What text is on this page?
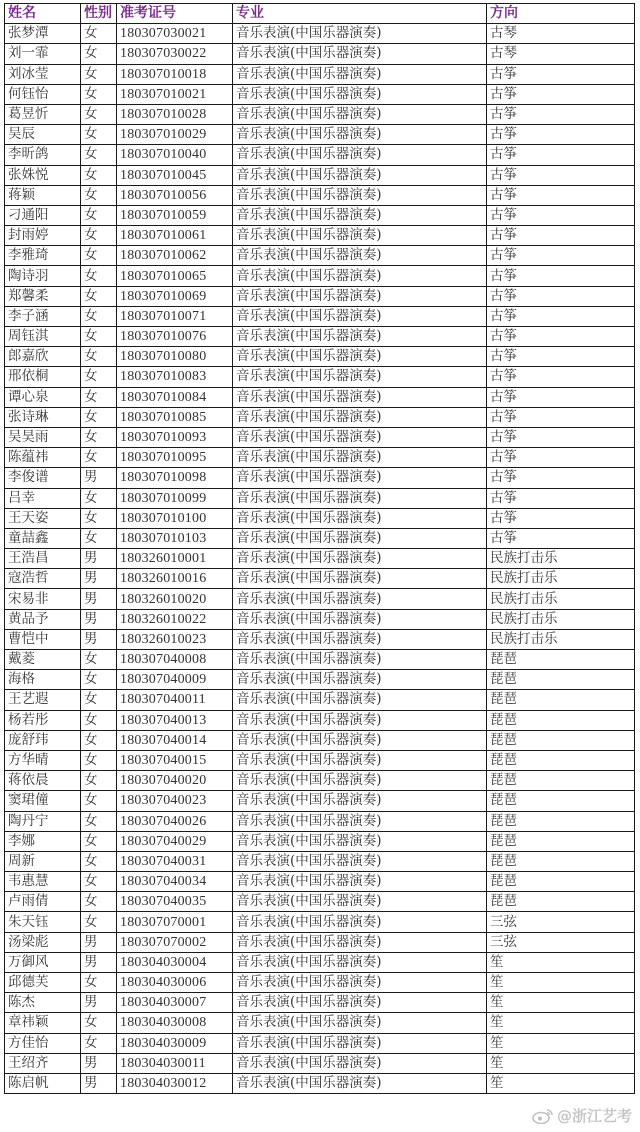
姓名	性别	准考证号	专业	方向
张梦潭	女	180307030021	音乐表演(中国乐器演奏)	古琴
刘一霏	女	180307030022	音乐表演(中国乐器演奏)	古琴
刘冰莹	女	180307010018	音乐表演(中国乐器演奏)	古筝
何钰怡	女	180307010021	音乐表演(中国乐器演奏)	古筝
葛昱忻	女	180307010028	音乐表演(中国乐器演奏)	古筝
吴辰	女	180307010029	音乐表演(中国乐器演奏)	古筝
李昕鸽	女	180307010040	音乐表演(中国乐器演奏)	古筝
张姝悦	女	180307010045	音乐表演(中国乐器演奏)	古筝
蒋颖	女	180307010056	音乐表演(中国乐器演奏)	古筝
刁通阳	女	180307010059	音乐表演(中国乐器演奏)	古筝
封雨婷	女	180307010061	音乐表演(中国乐器演奏)	古筝
李雅琦	女	180307010062	音乐表演(中国乐器演奏)	古筝
陶诗羽	女	180307010065	音乐表演(中国乐器演奏)	古筝
郑馨柔	女	180307010069	音乐表演(中国乐器演奏)	古筝
李子涵	女	180307010071	音乐表演(中国乐器演奏)	古筝
周钰淇	女	180307010076	音乐表演(中国乐器演奏)	古筝
郎嘉欣	女	180307010080	音乐表演(中国乐器演奏)	古筝
邢依桐	女	180307010083	音乐表演(中国乐器演奏)	古筝
谭心泉	女	180307010084	音乐表演(中国乐器演奏)	古筝
张诗琳	女	180307010085	音乐表演(中国乐器演奏)	古筝
吴昊雨	女	180307010093	音乐表演(中国乐器演奏)	古筝
陈蕴祎	女	180307010095	音乐表演(中国乐器演奏)	古筝
李俊谱	男	180307010098	音乐表演(中国乐器演奏)	古筝
吕幸	女	180307010099	音乐表演(中国乐器演奏)	古筝
王天姿	女	180307010100	音乐表演(中国乐器演奏)	古筝
童喆鑫	女	180307010103	音乐表演(中国乐器演奏)	古筝
王浩昌	男	180326010001	音乐表演(中国乐器演奏)	民族打击乐
寇浩哲	男	180326010016	音乐表演(中国乐器演奏)	民族打击乐
宋易非	男	180326010020	音乐表演(中国乐器演奏)	民族打击乐
黄品予	男	180326010022	音乐表演(中国乐器演奏)	民族打击乐
曹恺中	男	180326010023	音乐表演(中国乐器演奏)	民族打击乐
戴菱	女	180307040008	音乐表演(中国乐器演奏)	琵琶
海格	女	180307040009	音乐表演(中国乐器演奏)	琵琶
王艺遐	女	180307040011	音乐表演(中国乐器演奏)	琵琶
杨若彤	女	180307040013	音乐表演(中国乐器演奏)	琵琶
庞舒玮	女	180307040014	音乐表演(中国乐器演奏)	琵琶
方华晴	女	180307040015	音乐表演(中国乐器演奏)	琵琶
蒋依晨	女	180307040020	音乐表演(中国乐器演奏)	琵琶
窦珺僮	女	180307040023	音乐表演(中国乐器演奏)	琵琶
陶丹宁	女	180307040026	音乐表演(中国乐器演奏)	琵琶
李娜	女	180307040029	音乐表演(中国乐器演奏)	琵琶
周新	女	180307040031	音乐表演(中国乐器演奏)	琵琶
韦惠慧	女	180307040034	音乐表演(中国乐器演奏)	琵琶
卢雨倩	女	180307040035	音乐表演(中国乐器演奏)	琵琶
朱天钰	女	180307070001	音乐表演(中国乐器演奏)	三弦
汤梁彪	男	180307070002	音乐表演(中国乐器演奏)	三弦
万御风	男	180304030004	音乐表演(中国乐器演奏)	笙
邱德芙	女	180304030006	音乐表演(中国乐器演奏)	笙
陈杰	男	180304030007	音乐表演(中国乐器演奏)	笙
章祎颖	女	180304030008	音乐表演(中国乐器演奏)	笙
方佳怡	女	180304030009	音乐表演(中国乐器演奏)	笙
王绍齐	男	180304030011	音乐表演(中国乐器演奏)	笙
陈启帆	男	180304030012	音乐表演(中国乐器演奏)	笙
@浙江艺考
